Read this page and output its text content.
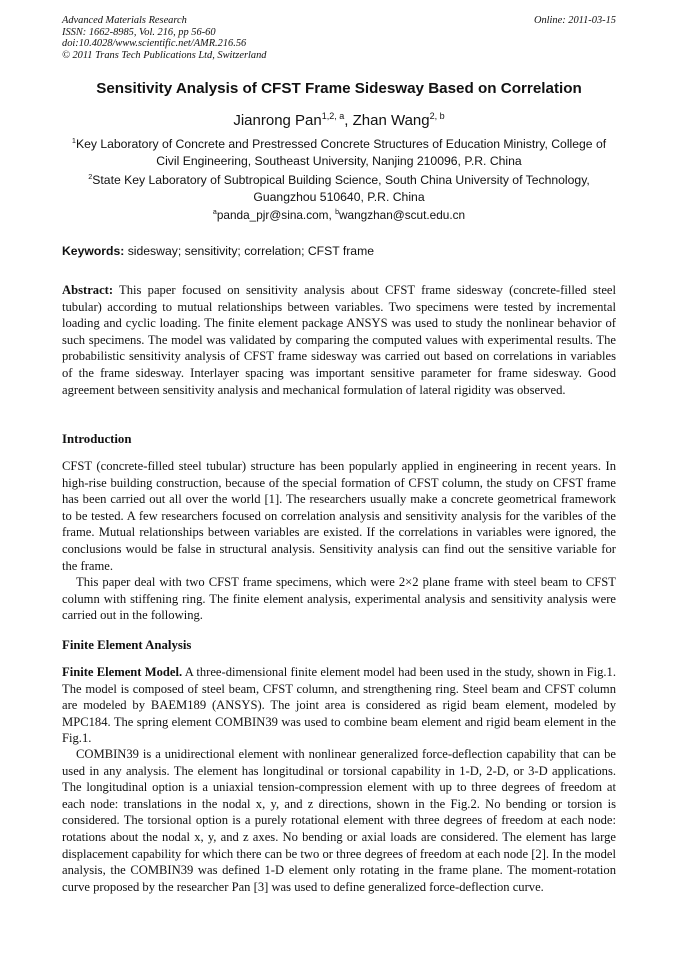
Advanced Materials Research	Online: 2011-03-15
ISSN: 1662-8985, Vol. 216, pp 56-60
doi:10.4028/www.scientific.net/AMR.216.56
© 2011 Trans Tech Publications Ltd, Switzerland
Sensitivity Analysis of CFST Frame Sidesway Based on Correlation
Jianrong Pan$^{1,2, a}$, Zhan Wang$^{2, b}$
$^1$Key Laboratory of Concrete and Prestressed Concrete Structures of Education Ministry, College of Civil Engineering, Southeast University, Nanjing 210096, P.R. China
$^2$State Key Laboratory of Subtropical Building Science, South China University of Technology, Guangzhou 510640, P.R. China
$^a$panda_pjr@sina.com, $^b$wangzhan@scut.edu.cn
Keywords: sidesway; sensitivity; correlation; CFST frame

Abstract: This paper focused on sensitivity analysis about CFST frame sidesway (concrete-filled steel tubular) according to mutual relationships between variables. Two specimens were tested by incremental loading and cyclic loading. The finite element package ANSYS was used to study the nonlinear behavior of such specimens. The model was validated by comparing the computed values with experimental results. The probabilistic sensitivity analysis of CFST frame sidesway was carried out based on correlations in variables of the frame sidesway. Interlayer spacing was important sensitive parameter for frame sidesway. Good agreement between sensitivity analysis and mechanical formulation of lateral rigidity was observed.

Introduction

CFST (concrete-filled steel tubular) structure has been popularly applied in engineering in recent years. In high-rise building construction, because of the special formation of CFST column, the study on CFST frame has been carried out all over the world [1]. The researchers usually make a concrete geometrical framework to be tested. A few researchers focused on correlation analysis and sensitivity analysis for the varibles of the frame. Mutual relationships between variables are existed. If the correlations in variables were ignored, the conclusions would be false in structural analysis. Sensitivity analysis can find out the sensitive variable for the frame.

This paper deal with two CFST frame specimens, which were 2×2 plane frame with steel beam to CFST column with stiffening ring. The finite element analysis, experimental analysis and sensitivity analysis were carried out in the following.

Finite Element Analysis

Finite Element Model. A three-dimensional finite element model had been used in the study, shown in Fig.1. The model is composed of steel beam, CFST column, and strengthening ring. Steel beam and CFST column are modeled by BAEM189 (ANSYS). The joint area is considered as rigid beam element, modeled by MPC184. The spring element COMBIN39 was used to combine beam element and rigid beam element in the Fig.1.

COMBIN39 is a unidirectional element with nonlinear generalized force-deflection capability that can be used in any analysis. The element has longitudinal or torsional capability in 1-D, 2-D, or 3-D applications. The longitudinal option is a uniaxial tension-compression element with up to three degrees of freedom at each node: translations in the nodal x, y, and z directions, shown in the Fig.2. No bending or torsion is considered. The torsional option is a purely rotational element with three degrees of freedom at each node: rotations about the nodal x, y, and z axes. No bending or axial loads are considered. The element has large displacement capability for which there can be two or three degrees of freedom at each node [2]. In the model analysis, the COMBIN39 was defined 1-D element only rotating in the frame plane. The moment-rotation curve proposed by the researcher Pan [3] was used to define generalized force-deflection curve.
